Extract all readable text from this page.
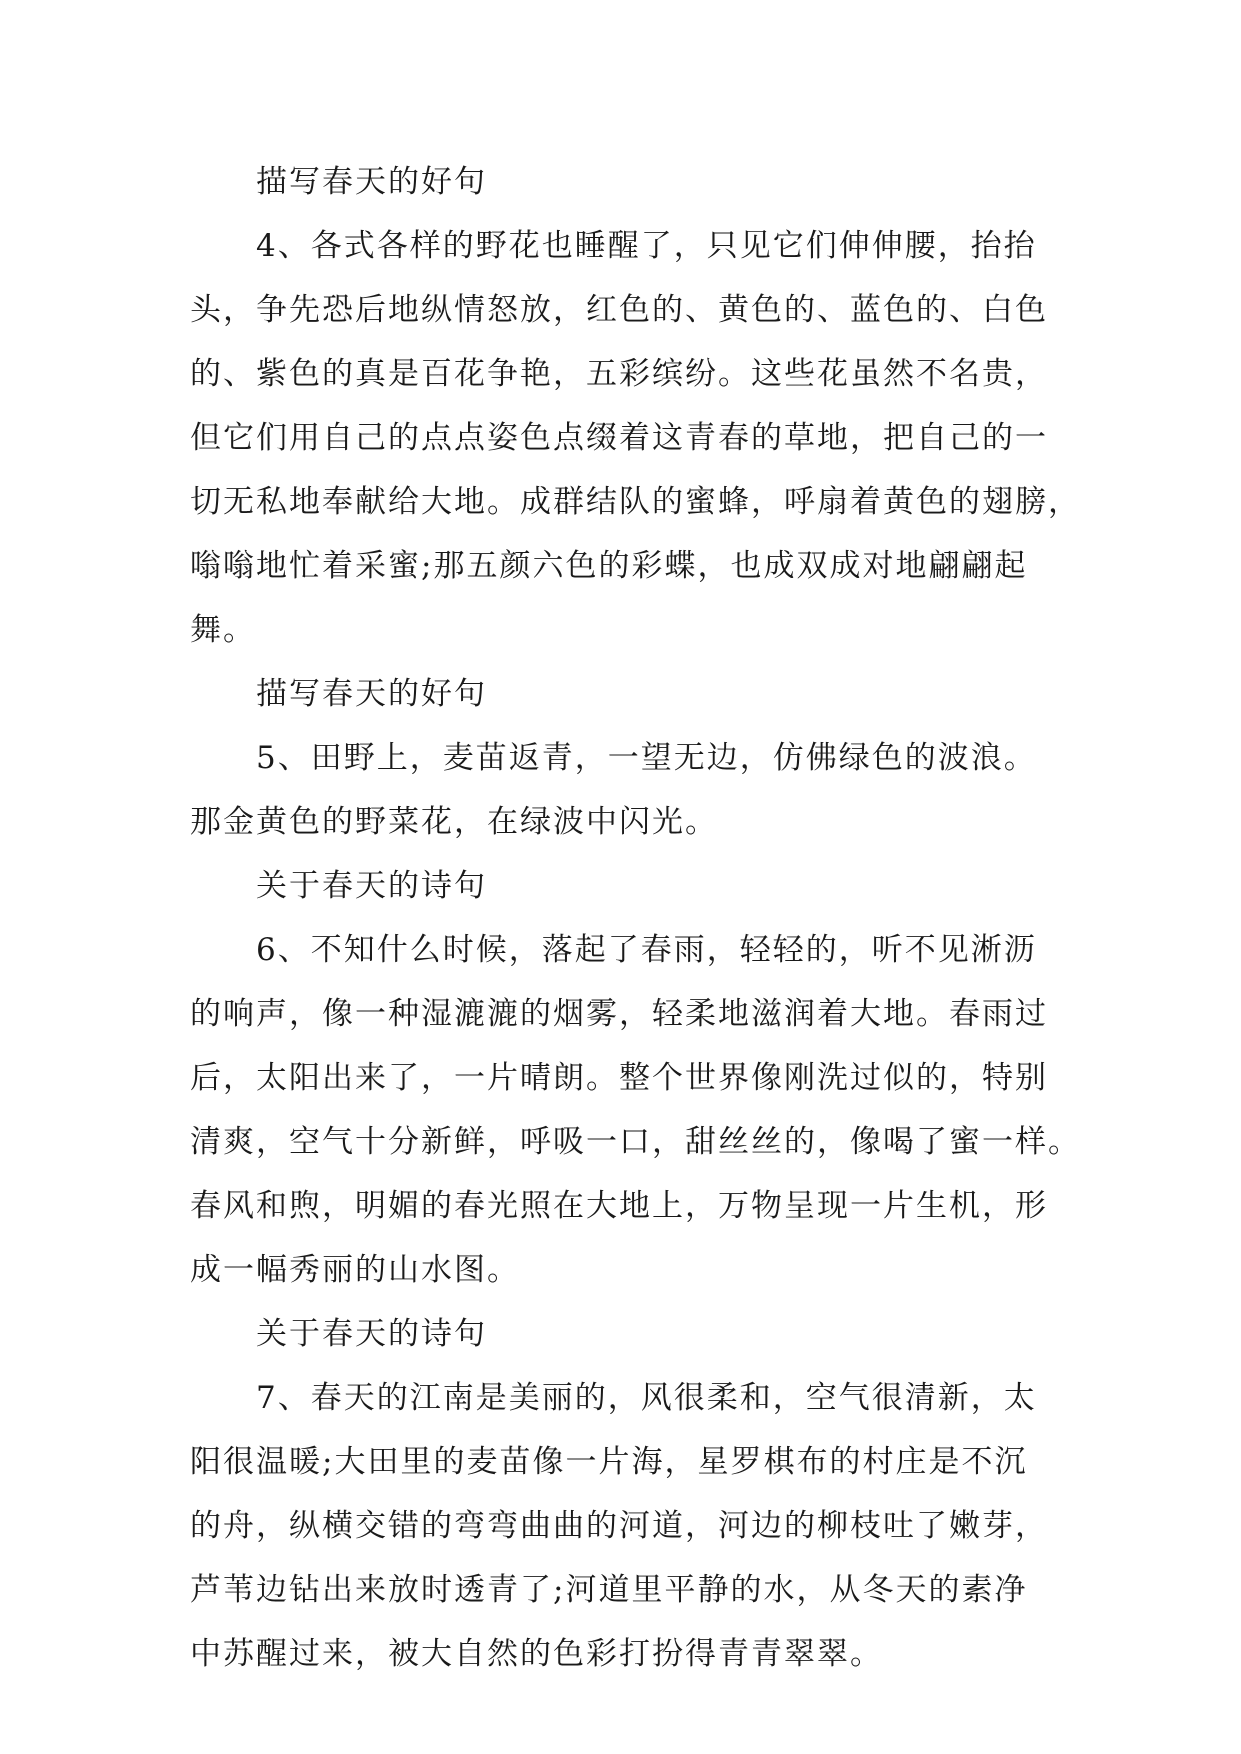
描写春天的好句
4、各式各样的野花也睡醒了，只见它们伸伸腰，抬抬
头，争先恐后地纵情怒放，红色的、黄色的、蓝色的、白色
的、紫色的真是百花争艳，五彩缤纷。这些花虽然不名贵，
但它们用自己的点点姿色点缀着这青春的草地，把自己的一
切无私地奉献给大地。成群结队的蜜蜂，呼扇着黄色的翅膀，
嗡嗡地忙着采蜜;那五颜六色的彩蝶，也成双成对地翩翩起
舞。
描写春天的好句
5、田野上，麦苗返青，一望无边，仿佛绿色的波浪。
那金黄色的野菜花，在绿波中闪光。
关于春天的诗句
6、不知什么时候，落起了春雨，轻轻的，听不见淅沥
的响声，像一种湿漉漉的烟雾，轻柔地滋润着大地。春雨过
后，太阳出来了，一片晴朗。整个世界像刚洗过似的，特别
清爽，空气十分新鲜，呼吸一口，甜丝丝的，像喝了蜜一样。
春风和煦，明媚的春光照在大地上，万物呈现一片生机，形
成一幅秀丽的山水图。
关于春天的诗句
7、春天的江南是美丽的，风很柔和，空气很清新，太
阳很温暖;大田里的麦苗像一片海，星罗棋布的村庄是不沉
的舟，纵横交错的弯弯曲曲的河道，河边的柳枝吐了嫩芽，
芦苇边钻出来放时透青了;河道里平静的水，从冬天的素净
中苏醒过来，被大自然的色彩打扮得青青翠翠。
